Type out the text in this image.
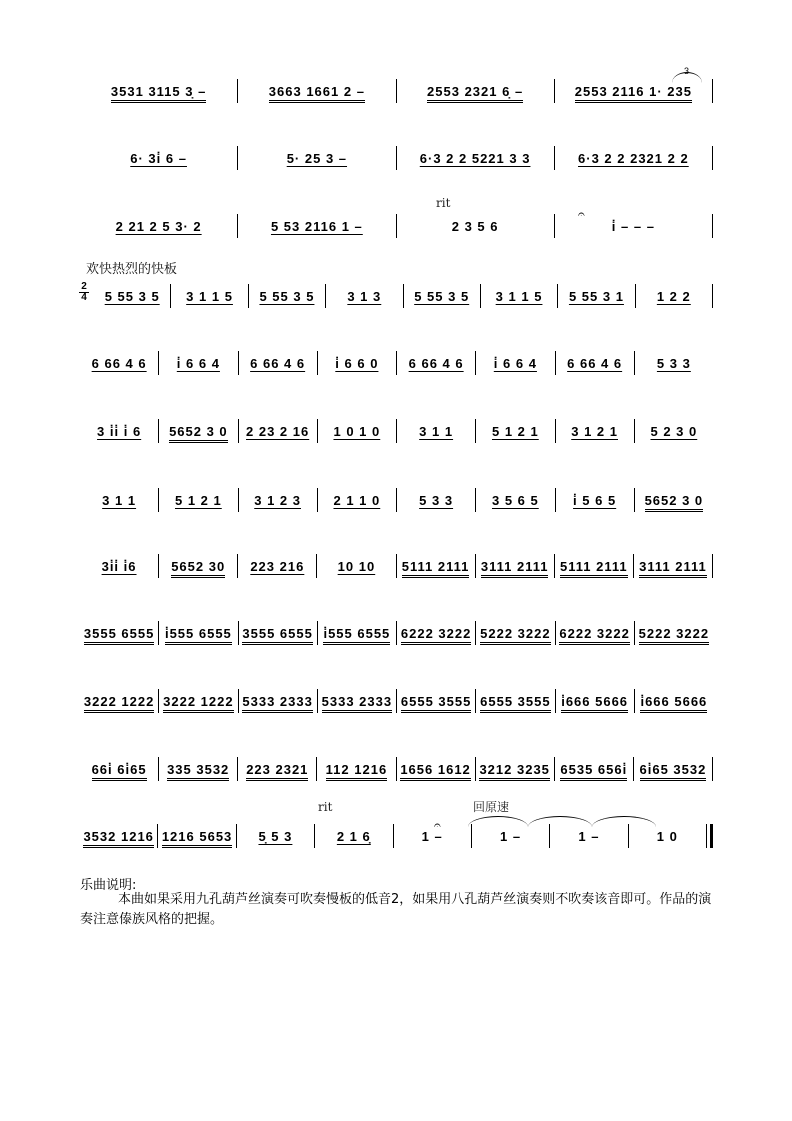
3531 3115 3̣ –	3663 1661 2 –	2553 2321 6̣ –	2553 2116 1· 235
3
6· 3i̇ 6 –	5· 25 3 –	6·3 2 2 5221 3 3	6·3 2 2 2321 2 2
rit
2 21 2 5 3· 2	5 53 2116 1 –	2 3 5 6	i̇ – – –
𝄐
欢快热烈的快板
2
4 5 55 3 5 3 1 1 5 5 55 3 5	3 1 3	5 55 3 5 3 1 1 5 5 55 3 1	1 2 2
6 66 4 6 i̇ 6 6 4 6 66 4 6 i̇ 6 6 0 6 66 4 6 i̇ 6 6 4 6 66 4 6	5 3 3
3 i̇i̇ i̇ 6 5652 3 0 2 23 2 16 1 0 1 0	3 1 1	5 1 2 1 3 1 2 1 5 2 3 0
3 1 1	5 1 2 1 3 1 2 3 2 1 1 0	5 3 3	3 5 6 5	i̇ 5 6 5 5652 3 0
3i̇i̇ i̇6	5652 30 223 216	10 10 5111 2111 3111 2111 5111 2111 3111 2111
3555 6555 i̇555 6555 3555 6555 i̇555 6555 6222 3222 5222 3222 6222 3222 5222 3222
3222 1222 3222 1222 5333 2333 5333 2333 6555 3555 6555 3555 i̇666 5666 i̇666 5666
66i̇ 6i̇65 335 3532 223 2321 112 1216 1656 1612 3212 3235 6535 656i̇ 6i̇65 3532
rit	回原速
𝄐
3532 1216 1216 5653 5̣ 5 3	2 1 6̣	1 –	1 –	1 –	1 0
乐曲说明:
本曲如果采用九孔葫芦丝演奏可吹奏慢板的低音2，如果用八孔葫芦丝演奏则不吹奏该音即可。作品的演奏注意傣族风格的把握。
